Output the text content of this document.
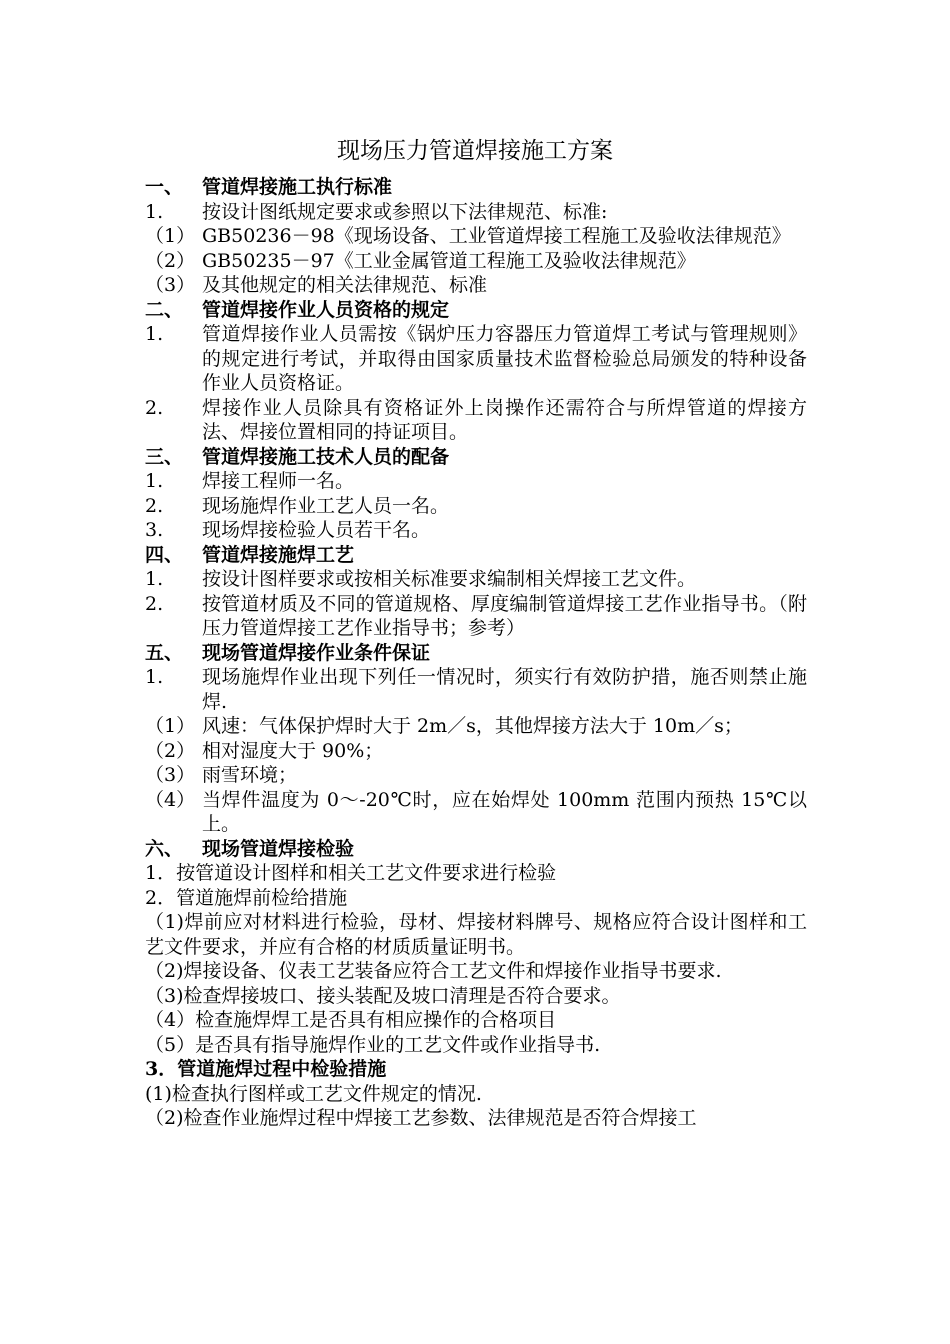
现场压力管道焊接施工方案
一、 管道焊接施工执行标准
1.	按设计图纸规定要求或参照以下法律规范、标准:
（1） GB50236－98《现场设备、工业管道焊接工程施工及验收法律规范》
（2） GB50235－97《工业金属管道工程施工及验收法律规范》
（3） 及其他规定的相关法律规范、标准
二、 管道焊接作业人员资格的规定
1.	管道焊接作业人员需按《锅炉压力容器压力管道焊工考试与管理规则》的规定进行考试，并取得由国家质量技术监督检验总局颁发的特种设备作业人员资格证。
2.	焊接作业人员除具有资格证外上岗操作还需符合与所焊管道的焊接方法、焊接位置相同的持证项目。
三、 管道焊接施工技术人员的配备
1.	焊接工程师一名。
2.	现场施焊作业工艺人员一名。
3.	现场焊接检验人员若干名。
四、 管道焊接施焊工艺
1.	按设计图样要求或按相关标准要求编制相关焊接工艺文件。
2.	按管道材质及不同的管道规格、厚度编制管道焊接工艺作业指导书。（附压力管道焊接工艺作业指导书；参考）
五、 现场管道焊接作业条件保证
1.	现场施焊作业出现下列任一情况时，须实行有效防护措，施否则禁止施焊.
（1） 风速：气体保护焊时大于 2m／s，其他焊接方法大于 10m／s；
（2） 相对湿度大于 90%；
（3） 雨雪环境；
（4） 当焊件温度为 0～-20℃时，应在始焊处 100mm 范围内预热 15℃以上。
六、 现场管道焊接检验
1．按管道设计图样和相关工艺文件要求进行检验
2．管道施焊前检给措施
（1)焊前应对材料进行检验，母材、焊接材料牌号、规格应符合设计图样和工艺文件要求，并应有合格的材质质量证明书。
（2)焊接设备、仪表工艺装备应符合工艺文件和焊接作业指导书要求.
（3)检查焊接坡口、接头装配及坡口清理是否符合要求。
（4）检查施焊焊工是否具有相应操作的合格项目
（5）是否具有指导施焊作业的工艺文件或作业指导书.
3．管道施焊过程中检验措施
(1)检查执行图样或工艺文件规定的情况.
（2)检查作业施焊过程中焊接工艺参数、法律规范是否符合焊接工
